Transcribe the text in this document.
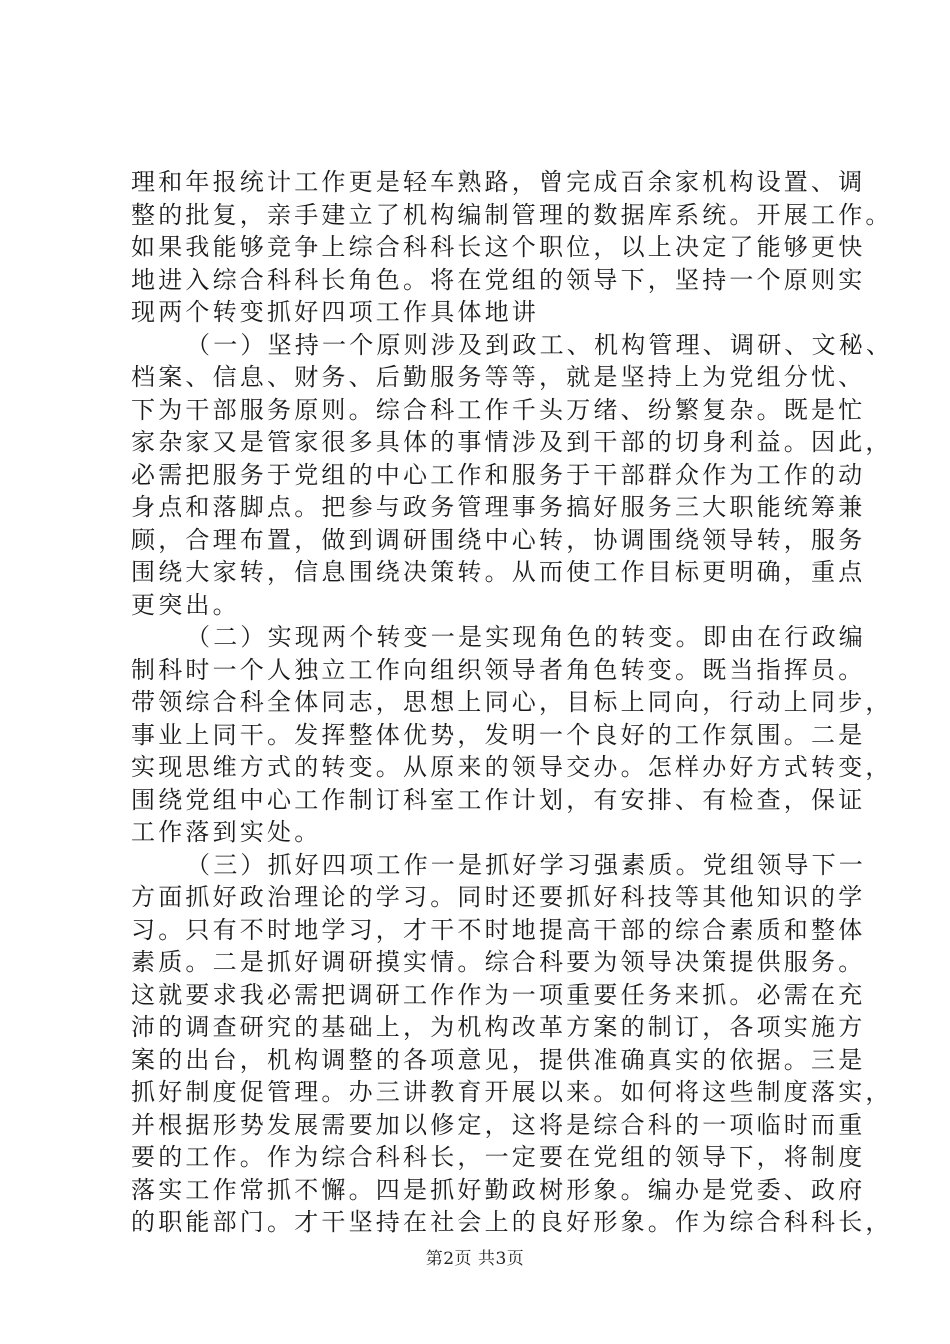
理和年报统计工作更是轻车熟路，曾完成百余家机构设置、调
整的批复，亲手建立了机构编制管理的数据库系统。开展工作。
如果我能够竞争上综合科科长这个职位，以上决定了能够更快
地进入综合科科长角色。将在党组的领导下，坚持一个原则实
现两个转变抓好四项工作具体地讲
（一）坚持一个原则涉及到政工、机构管理、调研、文秘、
档案、信息、财务、后勤服务等等，就是坚持上为党组分忧、
下为干部服务原则。综合科工作千头万绪、纷繁复杂。既是忙
家杂家又是管家很多具体的事情涉及到干部的切身利益。因此，
必需把服务于党组的中心工作和服务于干部群众作为工作的动
身点和落脚点。把参与政务管理事务搞好服务三大职能统筹兼
顾，合理布置，做到调研围绕中心转，协调围绕领导转，服务
围绕大家转，信息围绕决策转。从而使工作目标更明确，重点
更突出。
（二）实现两个转变一是实现角色的转变。即由在行政编
制科时一个人独立工作向组织领导者角色转变。既当指挥员。
带领综合科全体同志，思想上同心，目标上同向，行动上同步，
事业上同干。发挥整体优势，发明一个良好的工作氛围。二是
实现思维方式的转变。从原来的领导交办。怎样办好方式转变，
围绕党组中心工作制订科室工作计划，有安排、有检查，保证
工作落到实处。
（三）抓好四项工作一是抓好学习强素质。党组领导下一
方面抓好政治理论的学习。同时还要抓好科技等其他知识的学
习。只有不时地学习，才干不时地提高干部的综合素质和整体
素质。二是抓好调研摸实情。综合科要为领导决策提供服务。
这就要求我必需把调研工作作为一项重要任务来抓。必需在充
沛的调查研究的基础上，为机构改革方案的制订，各项实施方
案的出台，机构调整的各项意见，提供准确真实的依据。三是
抓好制度促管理。办三讲教育开展以来。如何将这些制度落实，
并根据形势发展需要加以修定，这将是综合科的一项临时而重
要的工作。作为综合科科长，一定要在党组的领导下，将制度
落实工作常抓不懈。四是抓好勤政树形象。编办是党委、政府
的职能部门。才干坚持在社会上的良好形象。作为综合科科长，
第2页 共3页
